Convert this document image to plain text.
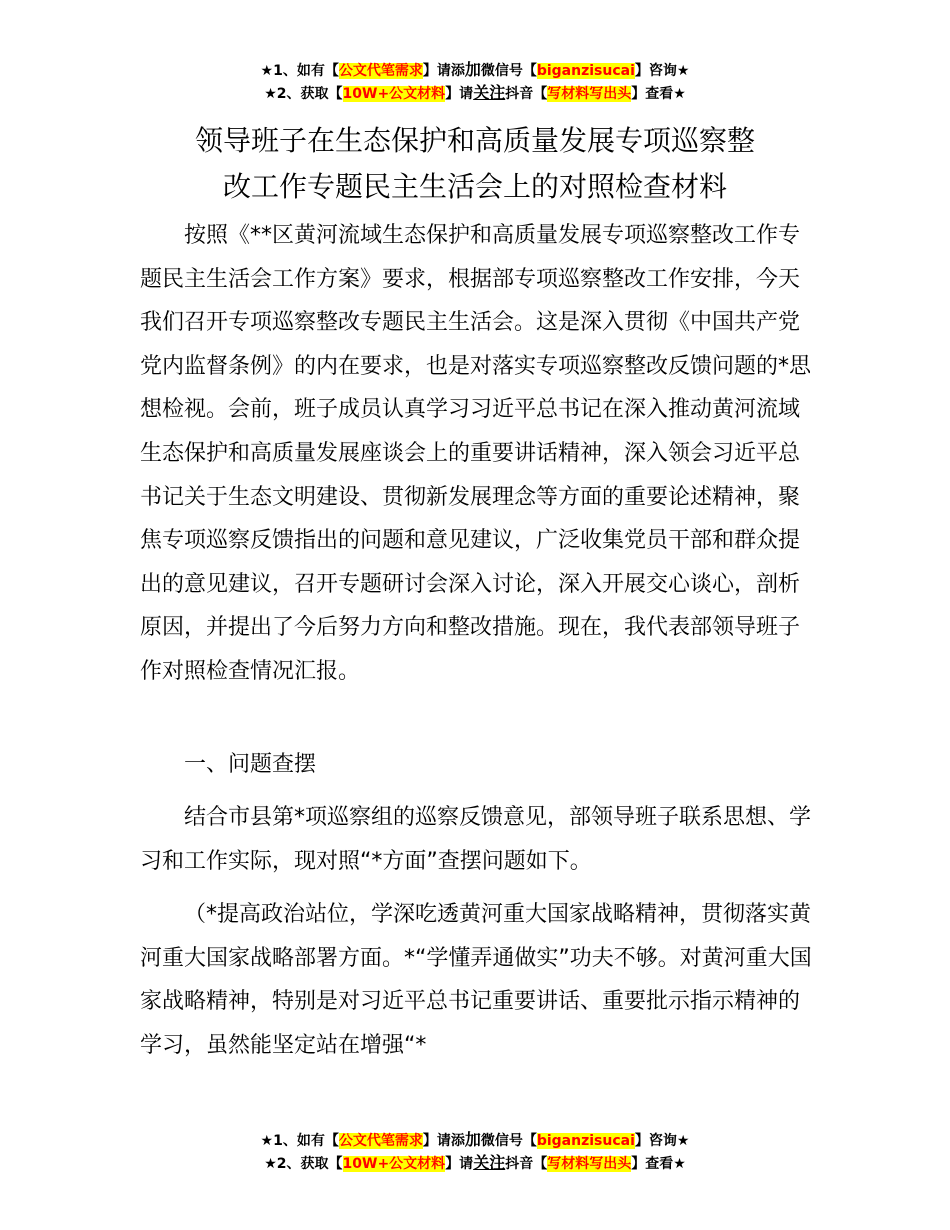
★1、如有【公文代笔需求】请添加微信号【biganzisucai】咨询★
★2、获取【10W+公文材料】请关注抖音【写材料写出头】查看★
领导班子在生态保护和高质量发展专项巡察整
改工作专题民主生活会上的对照检查材料

按照《**区黄河流域生态保护和高质量发展专项巡察整改工作专题民主生活会工作方案》要求，根据部专项巡察整改工作安排，今天我们召开专项巡察整改专题民主生活会。这是深入贯彻《中国共产党党内监督条例》的内在要求，也是对落实专项巡察整改反馈问题的*思想检视。会前，班子成员认真学习习近平总书记在深入推动黄河流域生态保护和高质量发展座谈会上的重要讲话精神，深入领会习近平总书记关于生态文明建设、贯彻新发展理念等方面的重要论述精神，聚焦专项巡察反馈指出的问题和意见建议，广泛收集党员干部和群众提出的意见建议，召开专题研讨会深入讨论，深入开展交心谈心，剖析原因，并提出了今后努力方向和整改措施。现在，我代表部领导班子作对照检查情况汇报。

一、问题查摆

结合市县第*项巡察组的巡察反馈意见，部领导班子联系思想、学习和工作实际，现对照“*方面”查摆问题如下。

（*提高政治站位，学深吃透黄河重大国家战略精神，贯彻落实黄河重大国家战略部署方面。*“学懂弄通做实”功夫不够。对黄河重大国家战略精神，特别是对习近平总书记重要讲话、重要批示指示精神的学习，虽然能坚定站在增强“*

★1、如有【公文代笔需求】请添加微信号【biganzisucai】咨询★
★2、获取【10W+公文材料】请关注抖音【写材料写出头】查看★
